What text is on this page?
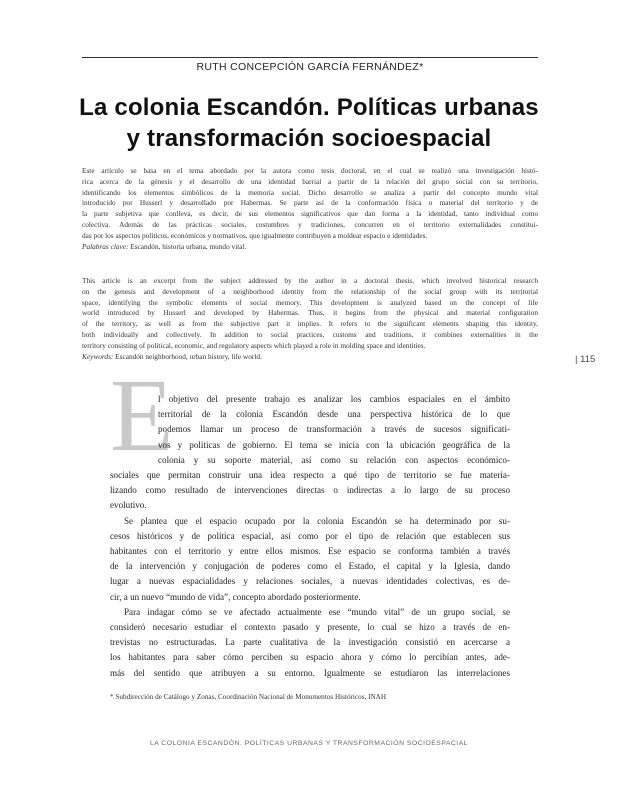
RUTH CONCEPCIÓN GARCÍA FERNÁNDEZ*
La colonia Escandón. Políticas urbanas
y transformación socioespacial
Este artículo se basa en el tema abordado por la autora como tesis doctoral, en el cual se realizó una investigación histó-
rica acerca de la génesis y el desarrollo de una identidad barrial a partir de la relación del grupo social con su territorio,
identificando los elementos simbólicos de la memoria social. Dicho desarrollo se analiza a partir del concepto mundo vital
introducido por Husserl y desarrollado por Habermas. Se parte así de la conformación física o material del territorio y de
la parte subjetiva que conlleva, es decir, de sus elementos significativos que dan forma a la identidad, tanto individual como
colectiva. Además de las prácticas sociales, costumbres y tradiciones, concurren en el territorio externalidades constitui-
das por los aspectos políticos, económicos y normativos, que igualmente contribuyen a moldear espacio e identidades.
Palabras clave: Escandón, historia urbana, mundo vital.
This article is an excerpt from the subject addressed by the author in a doctoral thesis, which involved historical research
on the genesis and development of a neighborhood identity from the relationship of the social group with its territorial
space, identifying the symbolic elements of social memory. This development is analyzed based on the concept of life
world introduced by Husserl and developed by Habermas. Thus, it begins from the physical and material configuration
of the territory, as well as from the subjective part it implies. It refers to the significant elements shaping this identity,
both individually and collectively. In addition to social practices, customs and traditions, it combines externalities in the
territory consisting of political, economic, and regulatory aspects which played a role in molding space and identities.
Keywords: Escandón neighborhood, urban history, life world.	| 115
E
l objetivo del presente trabajo es analizar los cambios espaciales en el ámbito
territorial de la colonia Escandón desde una perspectiva histórica de lo que
podemos llamar un proceso de transformación a través de sucesos significati-
vos y políticas de gobierno. El tema se inicia con la ubicación geográfica de la
colonia y su soporte material, así como su relación con aspectos económico-
sociales que permitan construir una idea respecto a qué tipo de territorio se fue materia-
lizando como resultado de intervenciones directas o indirectas a lo largo de su proceso
evolutivo.
Se plantea que el espacio ocupado por la colonia Escandón se ha determinado por su-
cesos históricos y de política espacial, así como por el tipo de relación que establecen sus
habitantes con el territorio y entre ellos mismos. Ese espacio se conforma también a través
de la intervención y conjugación de poderes como el Estado, el capital y la Iglesia, dando
lugar a nuevas espacialidades y relaciones sociales, a nuevas identidades colectivas, es de-
cir, a un nuevo “mundo de vida”, concepto abordado posteriormente.
Para indagar cómo se ve afectado actualmente ese “mundo vital” de un grupo social, se
consideró necesario estudiar el contexto pasado y presente, lo cual se hizo a través de en-
trevistas no estructuradas. La parte cualitativa de la investigación consistió en acercarse a
los habitantes para saber cómo perciben su espacio ahora y cómo lo percibían antes, ade-
más del sentido que atribuyen a su entorno. Igualmente se estudiaron las interrelaciones
* Subdirección de Catálogo y Zonas, Coordinación Nacional de Monumentos Históricos, INAH
LA COLONIA ESCANDÓN. POLÍTICAS URBANAS Y TRANSFORMACIÓN SOCIOESPACIAL
